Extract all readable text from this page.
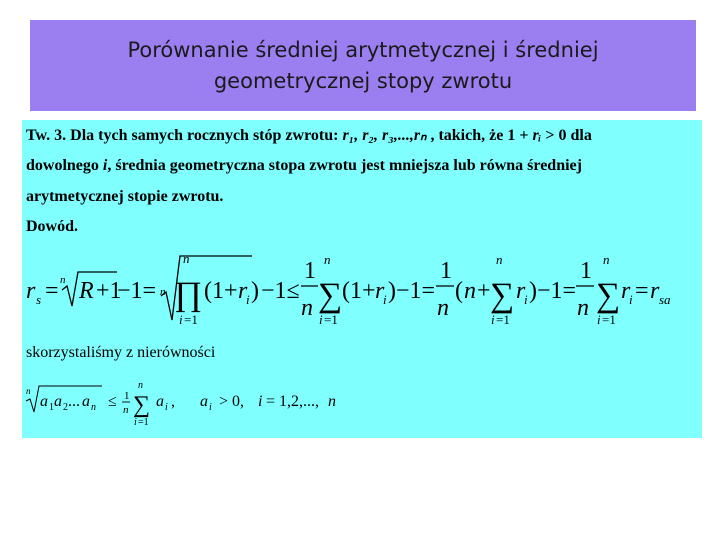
Porównanie średniej arytmetycznej i średniej
geometrycznej stopy zwrotu
Tw. 3. Dla tych samych rocznych stóp zwrotu: r₁, r₂, r₃,...,rₙ , takich, że 1 + rᵢ > 0 dla
dowolnego i, średnia geometryczna stopa zwrotu jest mniejsza lub równa średniej
arytmetycznej stopie zwrotu.
Dowód.
r s = n R +1
−1= n
n
∏
i =1
(1+ r
i ) −1≤
1
n
n
∑
i =1
(1+ r
i )−1=
1
n
( n +
n
∑
i =1
r
i )−1=
1
n
n
∑
i =1
r
i = r sa
n
a 1 a 2 ... a n ≤ 1
n
n
∑
i =1
a i , a i > 0, i = 1,2,..., n
skorzystaliśmy z nierówności
